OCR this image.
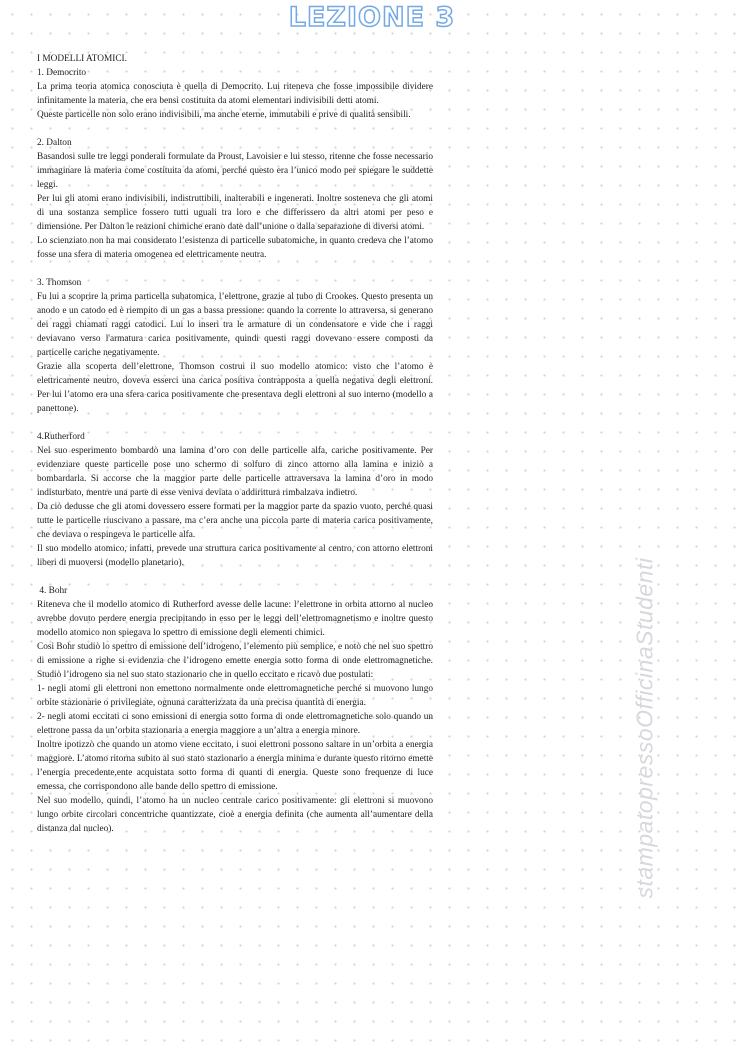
LEZIONE 3

I MODELLI ATOMICI.

1. Democrito

La prima teoria atomica conosciuta è quella di Democrito. Lui riteneva che fosse impossibile dividere infinitamente la materia, che era bensì costituita da atomi elementari indivisibili detti atomi.

Queste particelle non solo erano indivisibili, ma anche eterne, immutabili e prive di qualità sensibili.

2. Dalton

Basandosi sulle tre leggi ponderali formulate da Proust, Lavoisier e lui stesso, ritenne che fosse necessario immaginare la materia come costituita da atomi, perché questo era l’unico modo per spiegare le suddette leggi.

Per lui gli atomi erano indivisibili, indistruttibili, inalterabili e ingenerati. Inoltre sosteneva che gli atomi di una sostanza semplice fossero tutti uguali tra loro e che differissero da altri atomi per peso e dimensione. Per Dalton le reazioni chimiche erano date dall’unione o dalla separazione di diversi atomi.

Lo scienziato non ha mai considerato l’esistenza di particelle subatomiche, in quanto credeva che l’atomo fosse una sfera di materia omogenea ed elettricamente neutra.

3. Thomson

Fu lui a scoprire la prima particella subatomica, l’elettrone, grazie al tubo di Crookes. Questo presenta un anodo e un catodo ed è riempito di un gas a bassa pressione: quando la corrente lo attraversa, si generano dei raggi chiamati raggi catodici. Lui lo inserì tra le armature di un condensatore e vide che i raggi deviavano verso l'armatura carica positivamente, quindi questi raggi dovevano essere composti da particelle cariche negativamente.

Grazie alla scoperta dell’elettrone, Thomson costruì il suo modello atomico: visto che l’atomo è elettricamente neutro, doveva esserci una carica positiva contrapposta a quella negativa degli elettroni. Per lui l’atomo era una sfera carica positivamente che presentava degli elettroni al suo interno (modello a panettone).

4.Rutherford

Nel suo esperimento bombardò una lamina d’oro con delle particelle alfa, cariche positivamente. Per evidenziare queste particelle pose uno schermo di solfuro di zinco attorno alla lamina e iniziò a bombardarla. Si accorse che la maggior parte delle particelle attraversava la lamina d’oro in modo indisturbato, mentre una parte di esse veniva deviata o addirittura rimbalzava indietro.

Da ciò dedusse che gli atomi dovessero essere formati per la maggior parte da spazio vuoto, perché quasi tutte le particelle riuscivano a passare, ma c’era anche una piccola parte di materia carica positivamente, che deviava o respingeva le particelle alfa.

Il suo modello atomico, infatti, prevede una struttura carica positivamente al centro, con attorno elettroni liberi di muoversi (modello planetario).

4. Bohr

Riteneva che il modello atomico di Rutherford avesse delle lacune: l’elettrone in orbita attorno al nucleo avrebbe dovuto perdere energia precipitando in esso per le leggi dell’elettromagnetismo e inoltre questo modello atomico non spiegava lo spettro di emissione degli elementi chimici.

Così Bohr studiò lo spettro di emissione dell’idrogeno, l’elemento più semplice, e notò che nel suo spettro di emissione a righe si evidenzia che l’idrogeno emette energia sotto forma di onde elettromagnetiche. Studiò l’idrogeno sia nel suo stato stazionario che in quello eccitato e ricavò due postulati:

1- negli atomi gli elettroni non emettono normalmente onde elettromagnetiche perché si muovono lungo orbite stazionarie o privilegiate, ognuna caratterizzata da una precisa quantità di energia.

2- negli atomi eccitati ci sono emissioni di energia sotto forma di onde elettromagnetiche solo quando un elettrone passa da un’orbita stazionaria a energia maggiore a un’altra a energia minore.

Inoltre ipotizzò che quando un atomo viene eccitato, i suoi elettroni possono saltare in un’orbita a energia maggiore. L’atomo ritorna subito al suo stato stazionario a energia minima e durante questo ritorno emette l’energia precedente,ente acquistata sotto forma di quanti di energia. Queste sono frequenze di luce emessa, che corrispondono alle bande dello spettro di emissione.

Nel suo modello, quindi, l’atomo ha un nucleo centrale carico positivamente: gli elettroni si muovono lungo orbite circolari concentriche quantizzate, cioè a energia definita (che aumenta all’aumentare della distanza dal nucleo).	stampatopressoOfficinaStudenti
